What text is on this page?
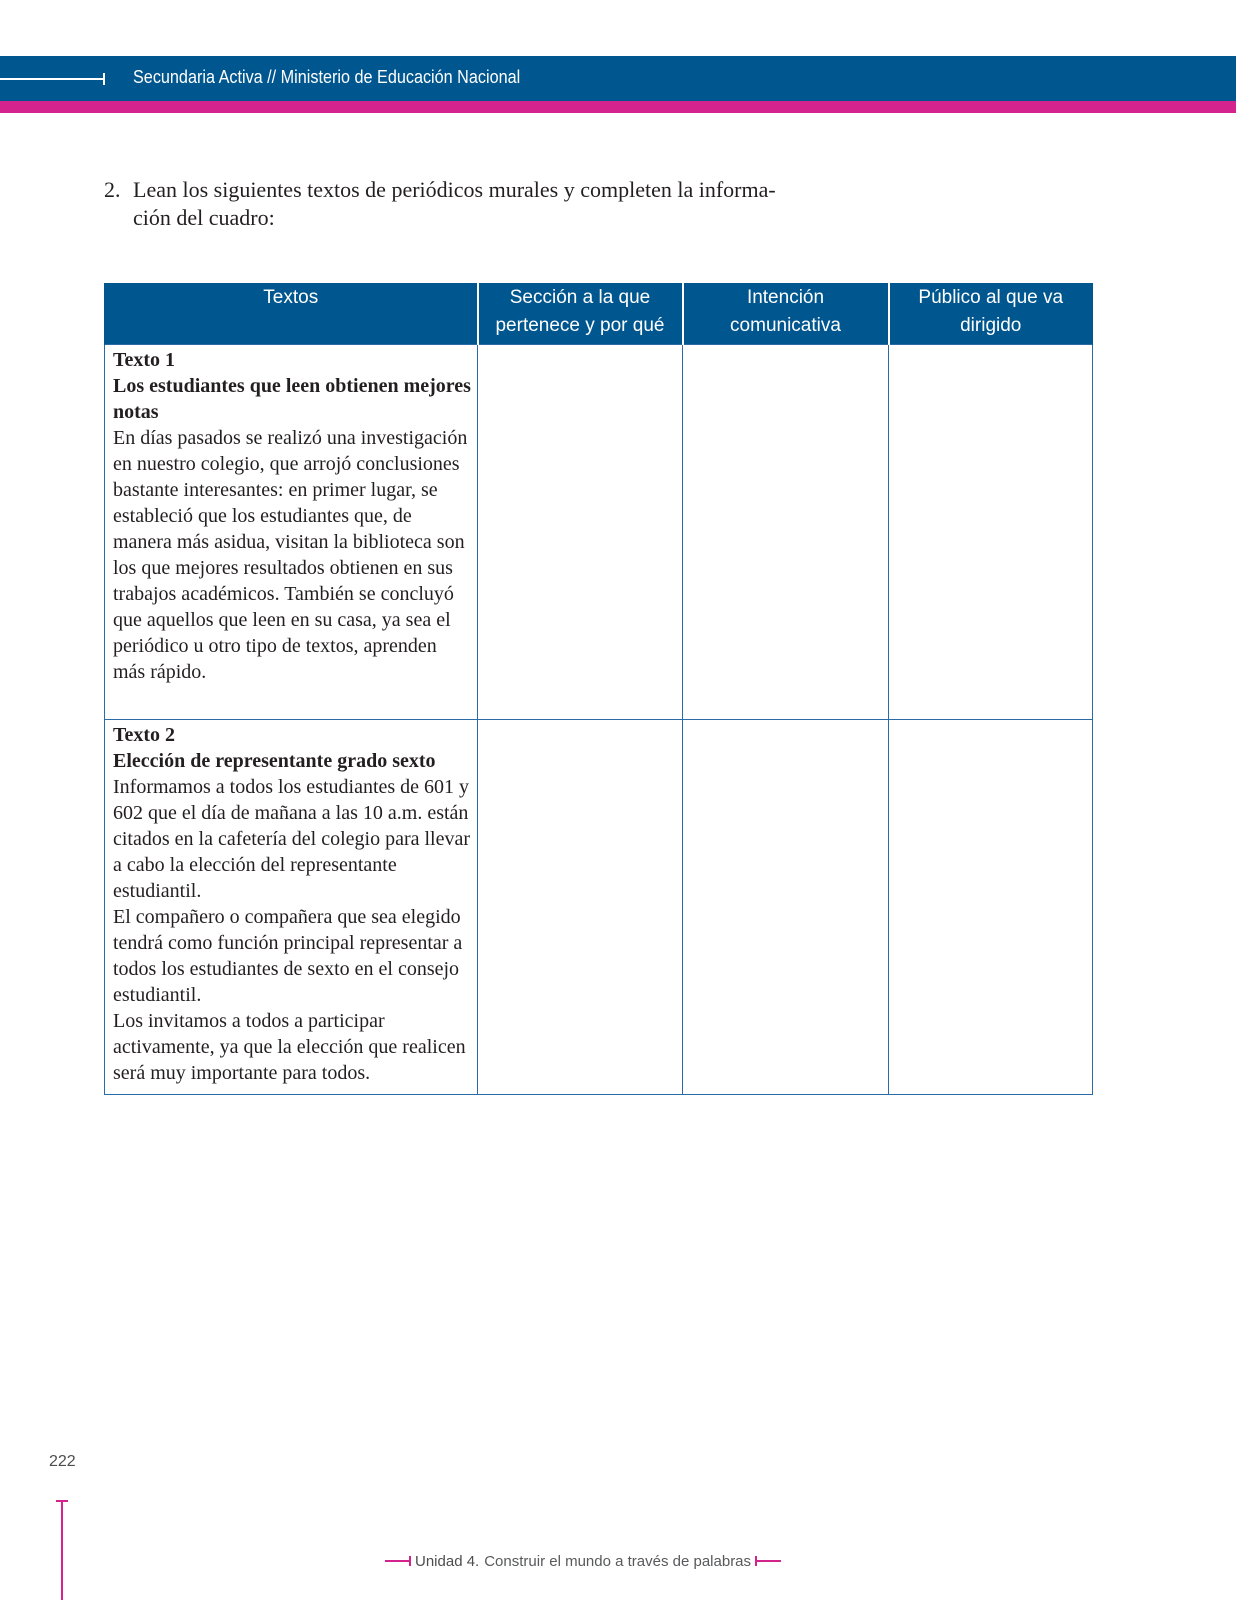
Secundaria Activa // Ministerio de Educación Nacional
2. Lean los siguientes textos de periódicos murales y completen la informa-
ción del cuadro:
Textos	Sección a la que pertenece y por qué	Intención comunicativa	Público al que va dirigido

Texto 1
Los estudiantes que leen obtienen mejores notas
En días pasados se realizó una investigación en nuestro colegio, que arrojó conclusiones bastante interesantes: en primer lugar, se estableció que los estudiantes que, de manera más asidua, visitan la biblioteca son los que mejores resultados obtienen en sus trabajos académicos. También se concluyó que aquellos que leen en su casa, ya sea el periódico u otro tipo de textos, aprenden más rápido.			

Texto 2
Elección de representante grado sexto
Informamos a todos los estudiantes de 601 y 602 que el día de mañana a las 10 a.m. están citados en la cafetería del colegio para llevar a cabo la elección del representante estudiantil.
El compañero o compañera que sea elegido tendrá como función principal representar a todos los estudiantes de sexto en el consejo estudiantil.
Los invitamos a todos a participar activamente, ya que la elección que realicen será muy importante para todos.			

222
Unidad 4. Construir el mundo a través de palabras
